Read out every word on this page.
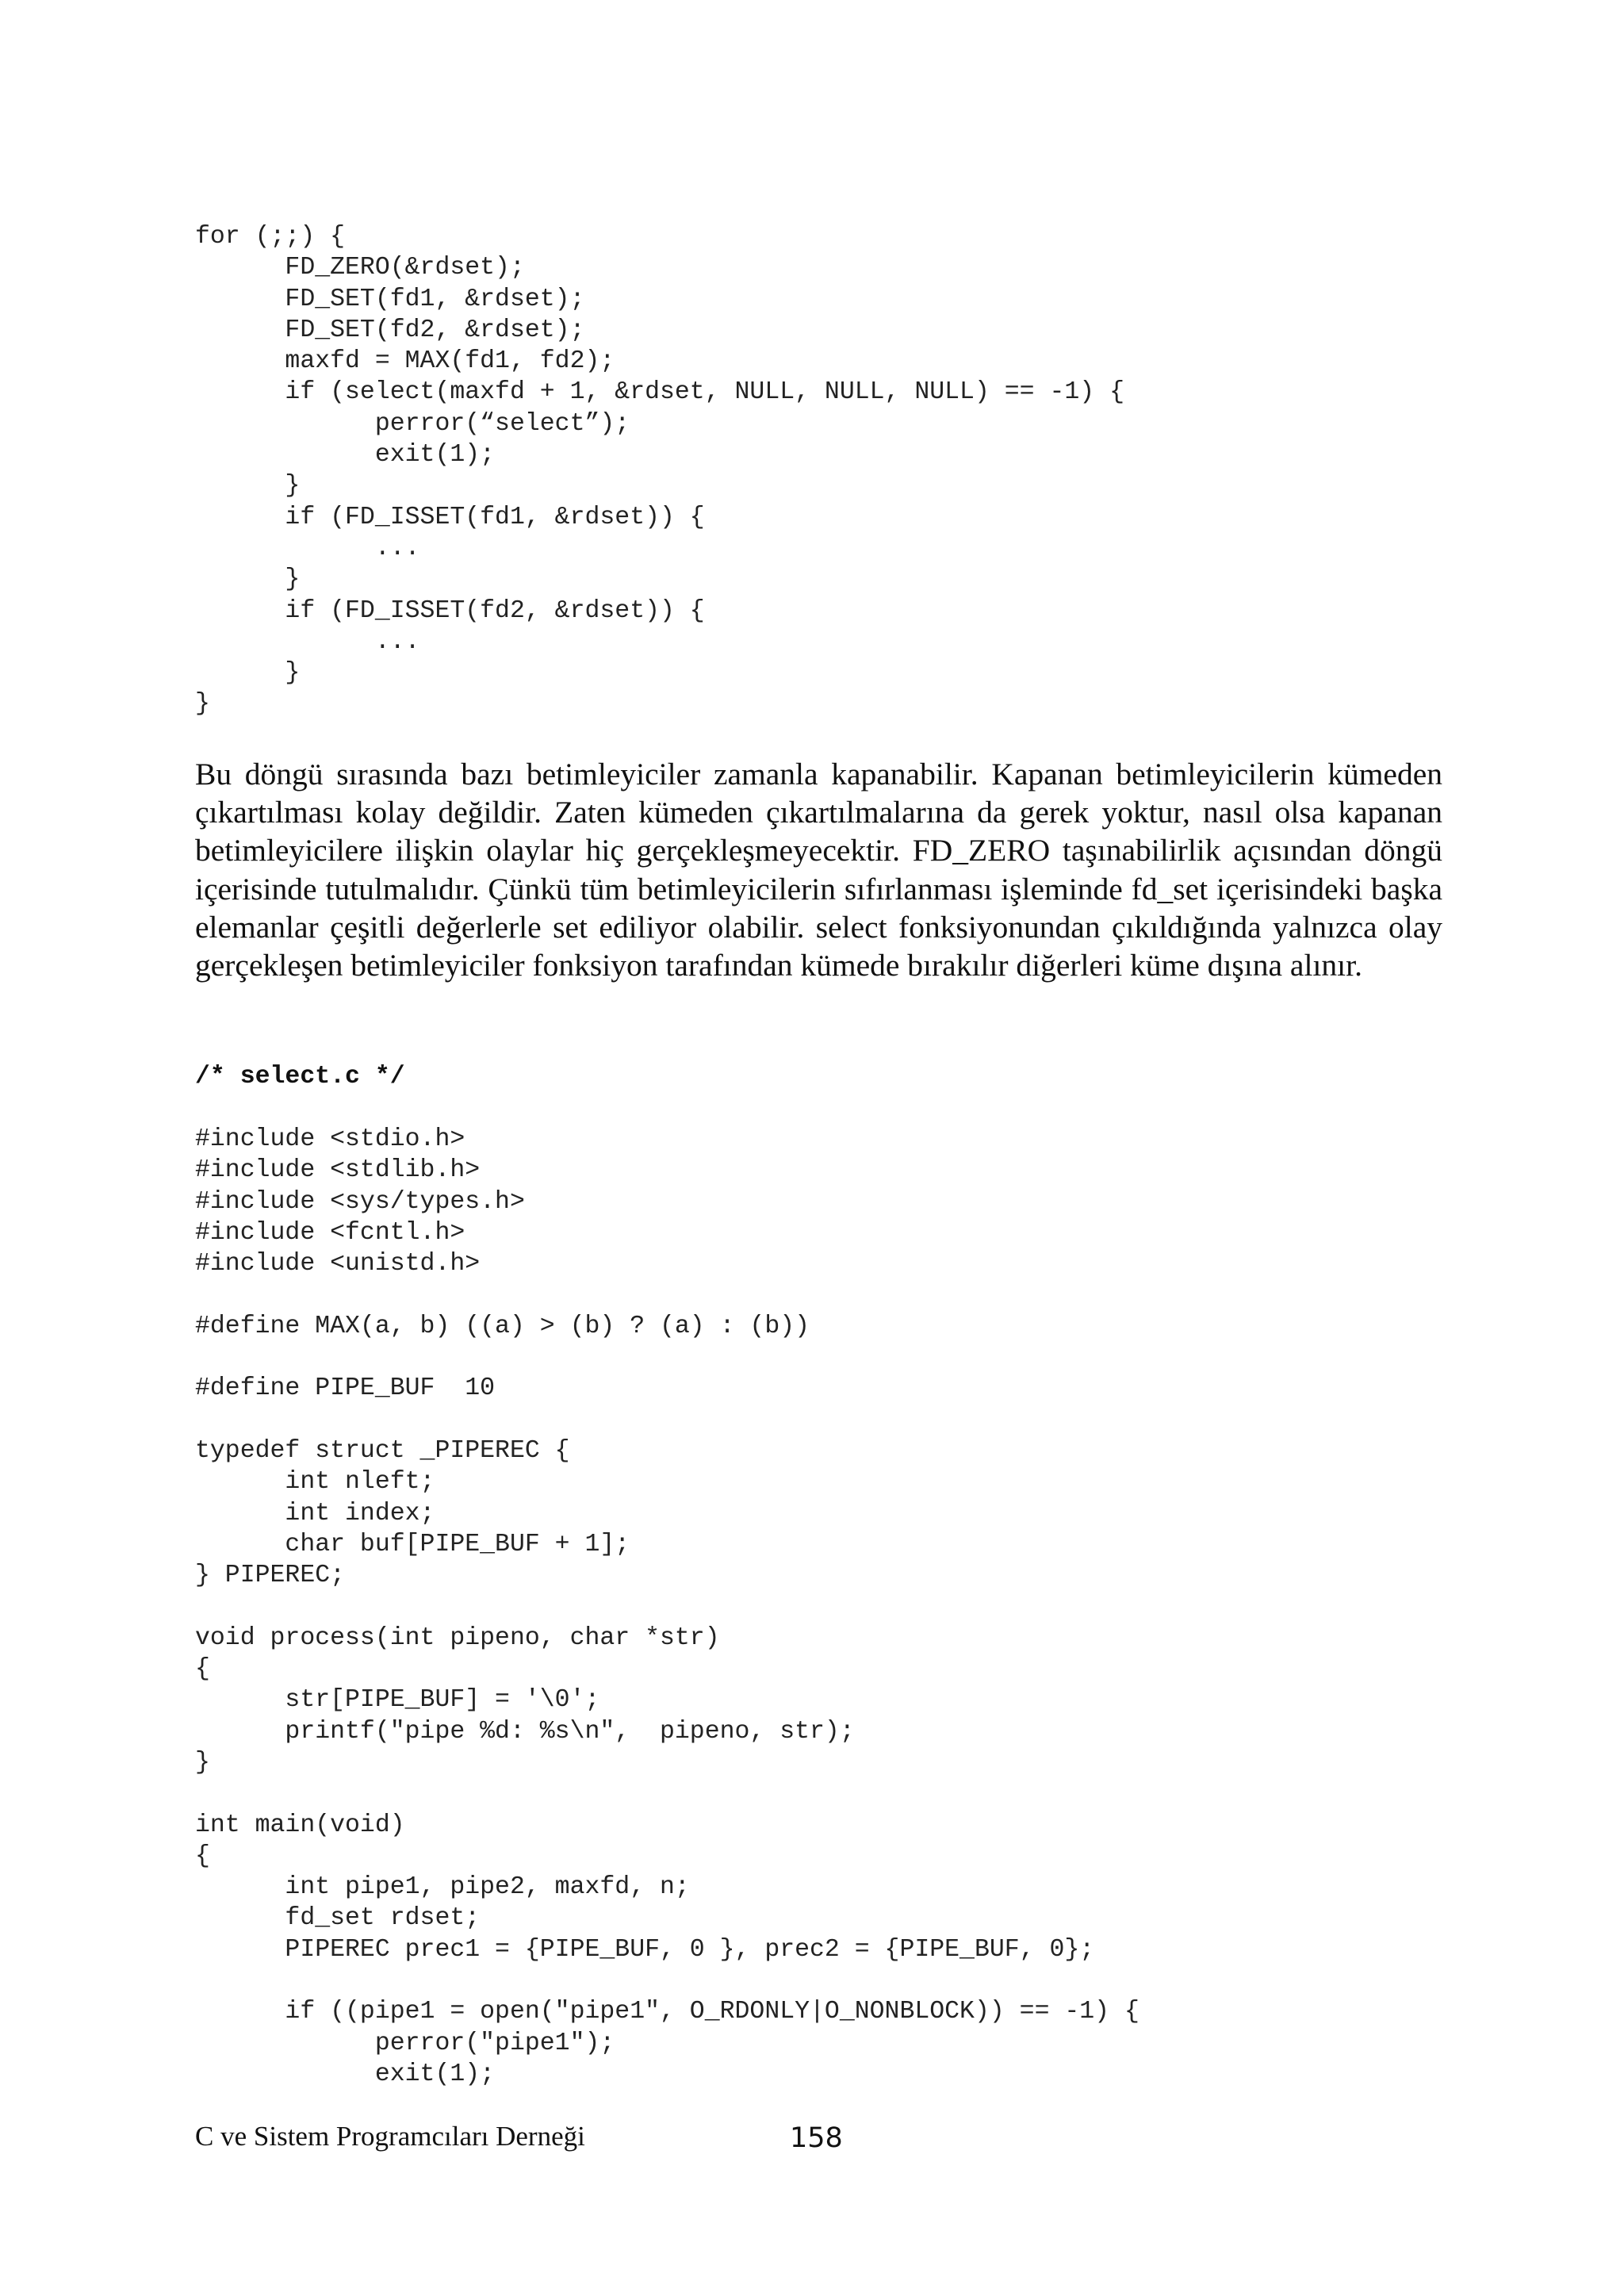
for (;;) {
FD_ZERO(&rdset);
FD_SET(fd1, &rdset);
FD_SET(fd2, &rdset);
maxfd = MAX(fd1, fd2);
if (select(maxfd + 1, &rdset, NULL, NULL, NULL) == -1) {
perror(“select”);
exit(1);
}
if (FD_ISSET(fd1, &rdset)) {
...
}
if (FD_ISSET(fd2, &rdset)) {
...
}
}

Bu döngü sırasında bazı betimleyiciler zamanla kapanabilir. Kapanan betimleyicilerin kümeden çıkartılması kolay değildir. Zaten kümeden çıkartılmalarına da gerek yoktur, nasıl olsa kapanan betimleyicilere ilişkin olaylar hiç gerçekleşmeyecektir. FD_ZERO taşınabilirlik açısından döngü içerisinde tutulmalıdır. Çünkü tüm betimleyicilerin sıfırlanması işleminde fd_set içerisindeki başka elemanlar çeşitli değerlerle set ediliyor olabilir. select fonksiyonundan çıkıldığında yalnızca olay gerçekleşen betimleyiciler fonksiyon tarafından kümede bırakılır diğerleri küme dışına alınır.

/* select.c */
#include <stdio.h>
#include <stdlib.h>
#include <sys/types.h>
#include <fcntl.h>
#include <unistd.h>

#define MAX(a, b) ((a) > (b) ? (a) : (b))

#define PIPE_BUF  10

typedef struct _PIPEREC {
int nleft;
int index;
char buf[PIPE_BUF + 1];
} PIPEREC;

void process(int pipeno, char *str)
{
str[PIPE_BUF] = '\0';
printf("pipe %d: %s\n",  pipeno, str);
}

int main(void)
{
int pipe1, pipe2, maxfd, n;
fd_set rdset;
PIPEREC prec1 = {PIPE_BUF, 0 }, prec2 = {PIPE_BUF, 0};

if ((pipe1 = open("pipe1", O_RDONLY|O_NONBLOCK)) == -1) {
perror("pipe1");
exit(1);
C ve Sistem Programcıları Derneği	158
